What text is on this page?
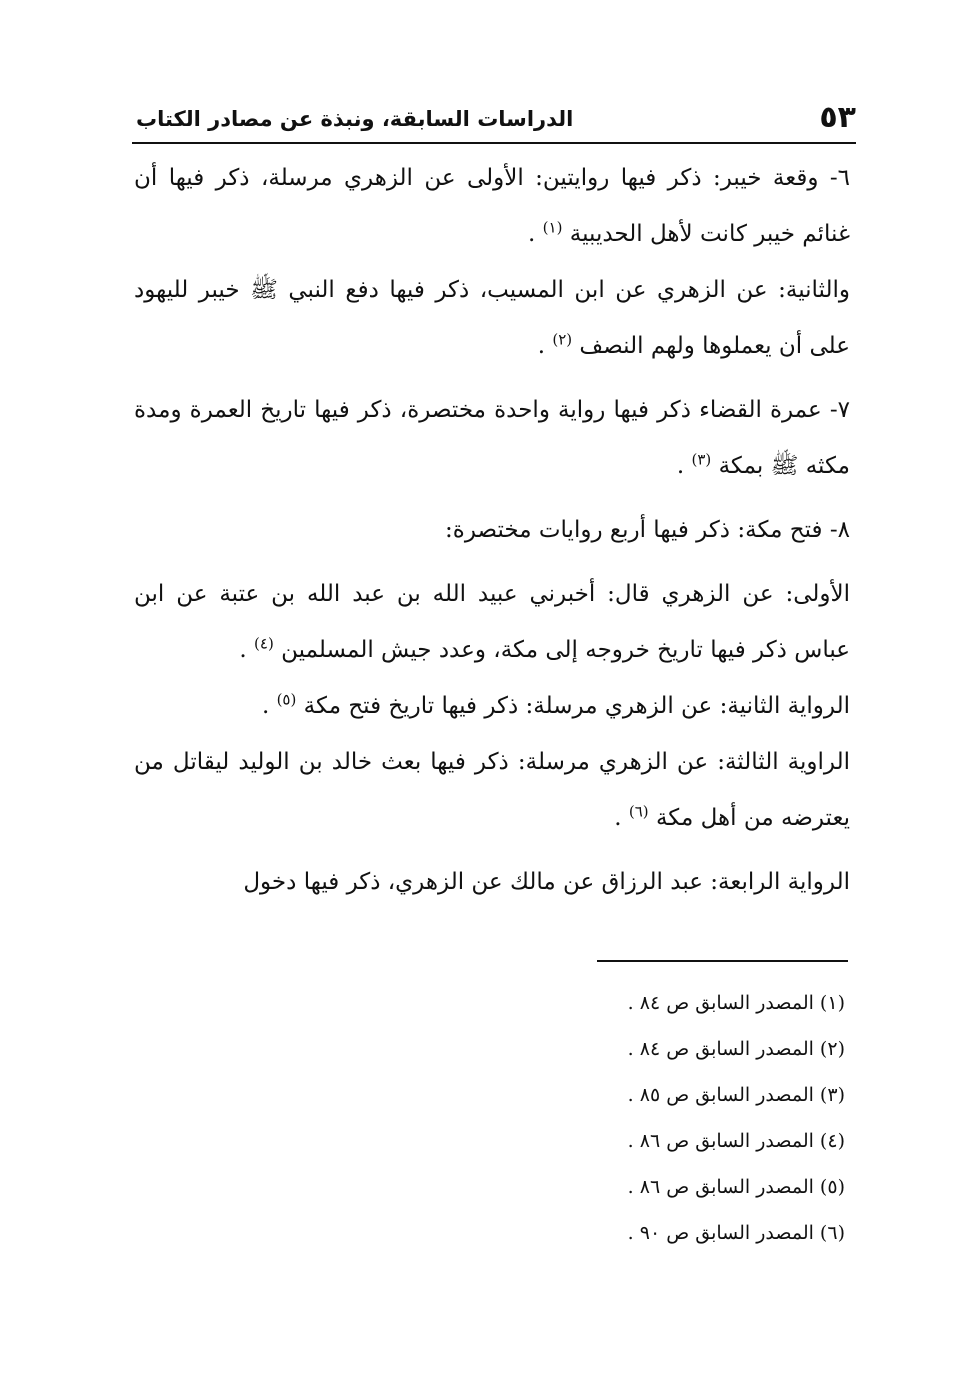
٥٣
الدراسات السابقة، ونبذة عن مصادر الكتاب

٦- وقعة خيبر: ذكر فيها روايتين: الأولى عن الزهري مرسلة، ذكر فيها أن غنائم خيبر كانت لأهل الحديبية $^{(١)}$ .

والثانية: عن الزهري عن ابن المسيب، ذكر فيها دفع النبي ﷺ خيبر لليهود على أن يعملوها ولهم النصف $^{(٢)}$ .

٧- عمرة القضاء ذكر فيها رواية واحدة مختصرة، ذكر فيها تاريخ العمرة ومدة مكثه ﷺ بمكة $^{(٣)}$ .

٨- فتح مكة: ذكر فيها أربع روايات مختصرة:

الأولى: عن الزهري قال: أخبرني عبيد الله بن عبد الله بن عتبة عن ابن عباس ذكر فيها تاريخ خروجه إلى مكة، وعدد جيش المسلمين $^{(٤)}$ .

الرواية الثانية: عن الزهري مرسلة: ذكر فيها تاريخ فتح مكة $^{(٥)}$ .

الراوية الثالثة: عن الزهري مرسلة: ذكر فيها بعث خالد بن الوليد ليقاتل من يعترضه من أهل مكة $^{(٦)}$ .

الرواية الرابعة: عبد الرزاق عن مالك عن الزهري، ذكر فيها دخول

(١) المصدر السابق ص ٨٤ .
(٢) المصدر السابق ص ٨٤ .
(٣) المصدر السابق ص ٨٥ .
(٤) المصدر السابق ص ٨٦ .
(٥) المصدر السابق ص ٨٦ .
(٦) المصدر السابق ص ٩٠ .
